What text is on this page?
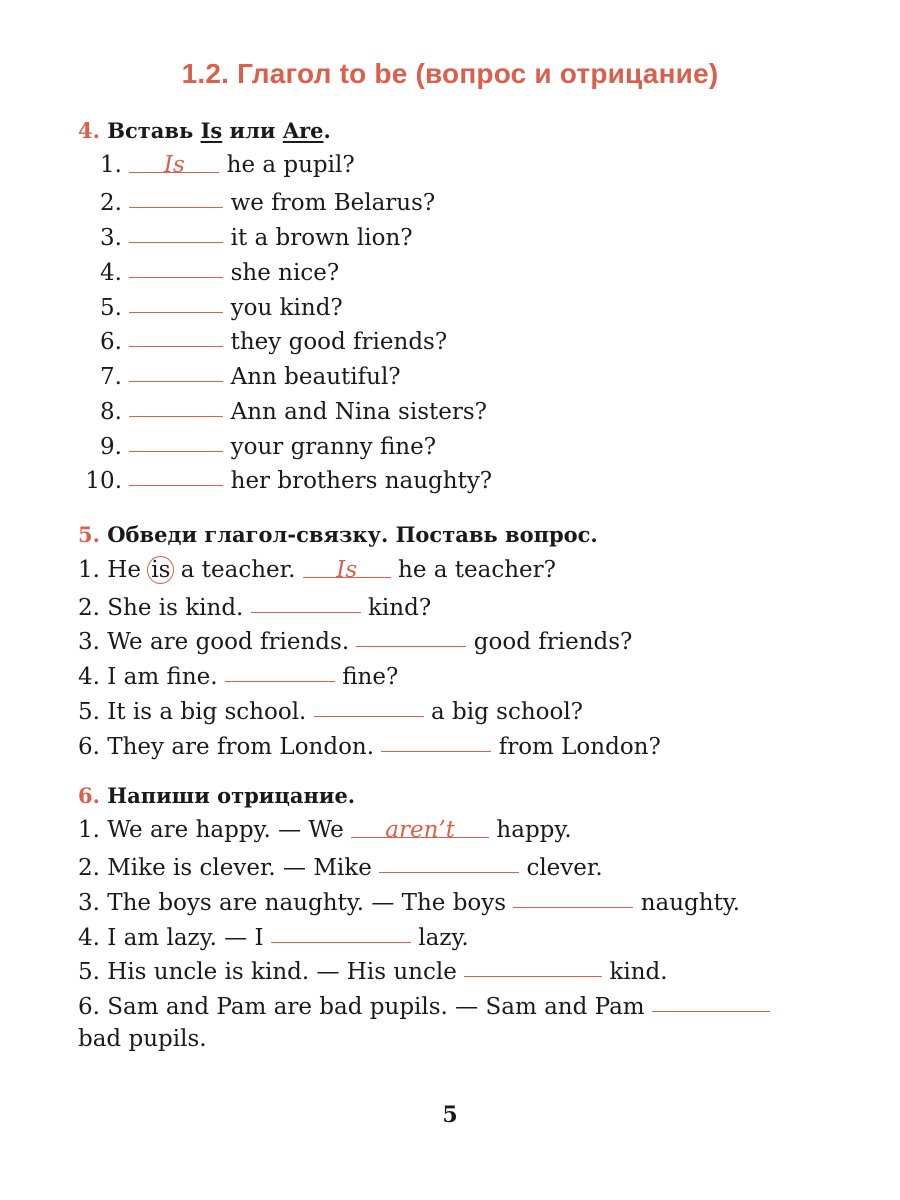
1.2. Глагол to be (вопрос и отрицание)
4. Вставь Is или Are.
1. Is he a pupil?
2.	we from Belarus?
3.	it a brown lion?
4.	she nice?
5.	you kind?
6.	they good friends?
7.	Ann beautiful?
8.	Ann and Nina sisters?
9.	your granny fine?
10.	her brothers naughty?
5. Обведи глагол-связку. Поставь вопрос.
1. He is a teacher. Is he a teacher?
2. She is kind.	kind?
3. We are good friends.	good friends?
4. I am fine.	fine?
5. It is a big school.	a big school?
6. They are from London.	from London?
6. Напиши отрицание.
1. We are happy. — We aren’t happy.
2. Mike is clever. — Mike	clever.
3. The boys are naughty. — The boys	naughty.
4. I am lazy. — I	lazy.
5. His uncle is kind. — His uncle	kind.
6. Sam and Pam are bad pupils. — Sam and Pam
bad pupils.
5
